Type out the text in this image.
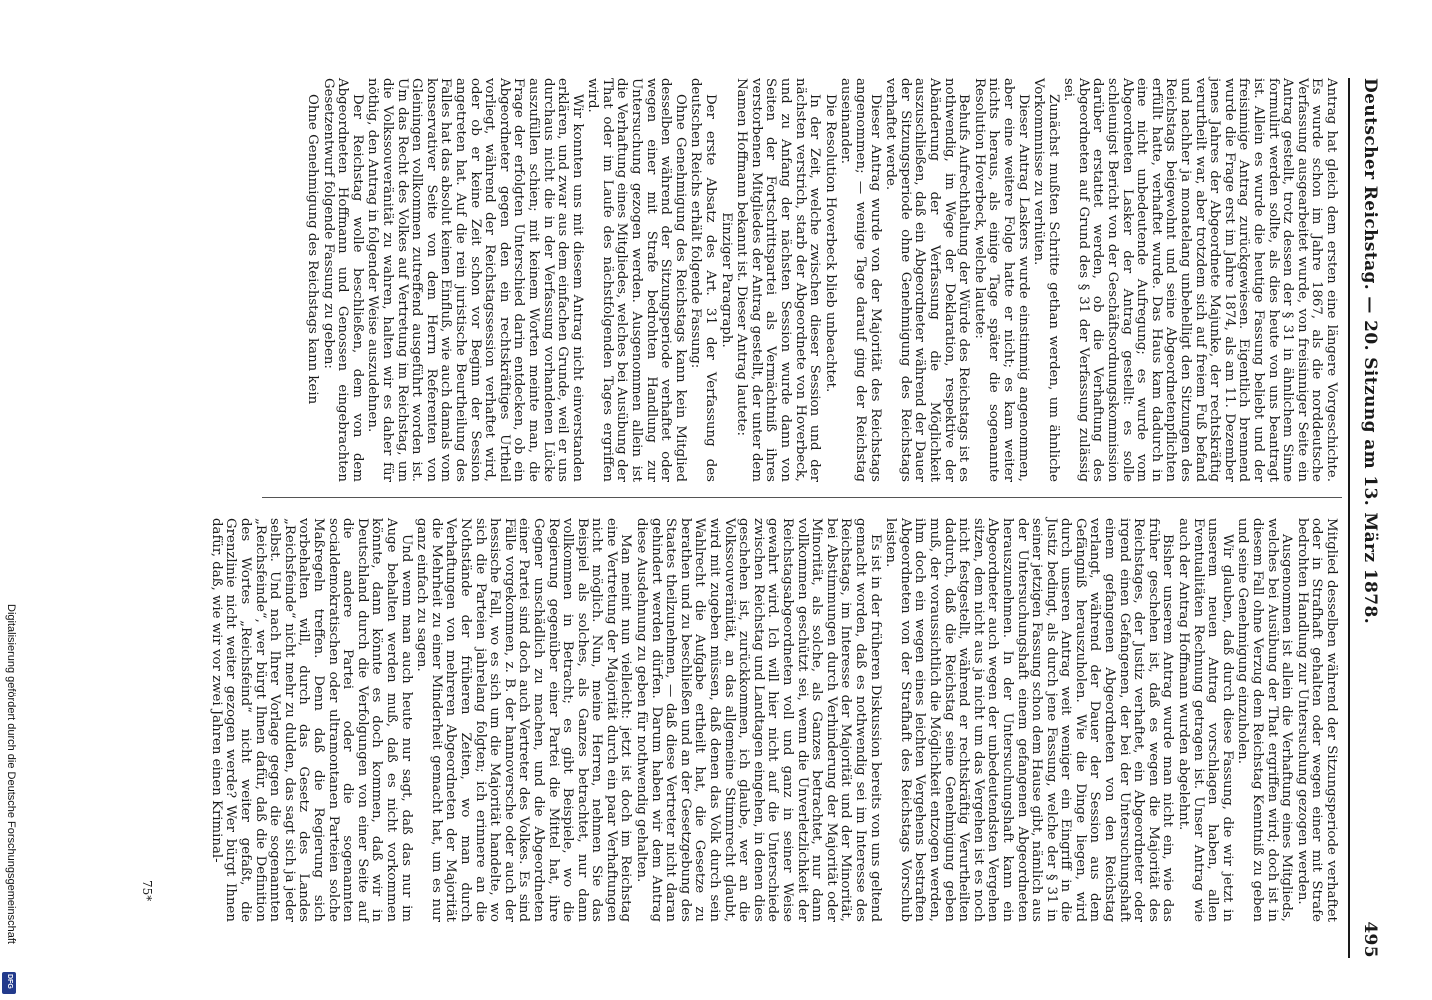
Deutscher Reichstag. — 20. Sitzung am 13. März 1878.
495

Antrag hat gleich dem ersten eine längere Vorgeschichte. Es wurde schon im Jahre 1867, als die norddeutsche Verfassung ausgearbeitet wurde, von freisinniger Seite ein Antrag gestellt, trotz dessen der § 31 in ähnlichem Sinne formulirt werden sollte, als dies heute von uns beantragt ist. Allein es wurde die heutige Fassung beliebt und der freisinnige Antrag zurückgewiesen. Eigentlich brennend wurde die Frage erst im Jahre 1874, als am 11. Dezember jenes Jahres der Abgeordnete Majunke, der rechtskräftig verurtheilt war, aber trotzdem sich auf freiem Fuß befand und nachher ja monatelang unbehelligt den Sitzungen des Reichstags beigewohnt und seine Abgeordnetenpflichten erfüllt hatte, verhaftet wurde. Das Haus kam dadurch in eine nicht unbedeutende Aufregung; es wurde vom Abgeordneten Lasker der Antrag gestellt: es solle schleunigst Bericht von der Geschäftsordnungskommission darüber erstattet werden, ob die Verhaftung des Abgeordneten auf Grund des § 31 der Verfassung zulässig sei.

Zunächst mußten Schritte gethan werden, um ähnliche Vorkommnisse zu verhüten.

Dieser Antrag Laskers wurde einstimmig angenommen, aber eine weitere Folge hatte er nicht; es kam weiter nichts heraus, als einige Tage später die sogenannte Resolution Hoverbeck, welche lautete:

Behufs Aufrechthaltung der Würde des Reichstags ist es nothwendig, im Wege der Deklaration, respektive der Abänderung der Verfassung die Möglichkeit auszuschließen, daß ein Abgeordneter während der Dauer der Sitzungsperiode ohne Genehmigung des Reichstags verhaftet werde.

Dieser Antrag wurde von der Majorität des Reichstags angenommen; — wenige Tage darauf ging der Reichstag auseinander.

Die Resolution Hoverbeck blieb unbeachtet.

In der Zeit, welche zwischen dieser Session und der nächsten verstrich, starb der Abgeordnete von Hoverbeck, und zu Anfang der nächsten Session wurde dann von Seiten der Fortschrittspartei als Vermächtniß ihres verstorbenen Mitgliedes der Antrag gestellt, der unter dem Namen Hoffmann bekannt ist. Dieser Antrag lautete:

Einziger Paragraph.

Der erste Absatz des Art. 31 der Verfassung des deutschen Reichs erhält folgende Fassung:

Ohne Genehmigung des Reichstags kann kein Mitglied desselben während der Sitzungsperiode verhaftet oder wegen einer mit Strafe bedrohten Handlung zur Untersuchung gezogen werden. Ausgenommen allein ist die Verhaftung eines Mitgliedes, welches bei Ausübung der That oder im Laufe des nächstfolgenden Tages ergriffen wird.

Wir konnten uns mit diesem Antrag nicht einverstanden erklären, und zwar aus dem einfachen Grunde, weil er uns durchaus nicht die in der Verfassung vorhandenen Lücke auszufüllen schien; mit keinem Worten meinte man, die Frage der erfolgten Unterschied darin entdecken, ob ein Abgeordneter gegen den ein rechtskräftiges Urtheil vorliegt, während der Reichstagssession verhaftet wird, oder ob er keine Zeit schon vor Beginn der Session angetreten hat. Auf die rein juristische Beurtheilung des Falles hat das absolut keinen Einfluß, wie auch damals vom konservativer Seite von dem Herrn Referenten von Gleiningen vollkommen zutreffend ausgeführt worden ist. Um das Recht des Volkes auf Vertretung im Reichstag, um die Volkssouveränität zu wahren, halten wir es daher für nöthig, den Antrag in folgender Weise auszudehnen.

Der Reichstag wolle beschließen, dem von dem Abgeordneten Hoffmann und Genossen eingebrachten Gesetzentwurf folgende Fassung zu geben:

Ohne Genehmigung des Reichstags kann kein

Mitglied desselben während der Sitzungsperiode verhaftet oder in Strafhaft gehalten oder wegen einer mit Strafe bedrohten Handlung zur Untersuchung gezogen werden.

Ausgenommen ist allein die Verhaftung eines Mitglieds, welches bei Ausübung der That ergriffen wird; doch ist in diesem Fall ohne Verzug dem Reichstag Kenntniß zu geben und seine Genehmigung einzuholen.

Wir glauben, daß durch diese Fassung, die wir jetzt in unserem neuen Antrag vorschlagen haben, allen Eventualitäten Rechnung getragen ist. Unser Antrag wie auch der Antrag Hoffmann wurden abgelehnt.

Bisher unserem Antrag wurde man nicht ein, wie das früher geschehen ist, daß es wegen die Majorität des Reichstages, der Justiz verhaftet, ein Abgeordneter oder irgend einen Gefangenen, der bei der Untersuchungshaft einem gefangenen Abgeordneten von den Reichstag verlangt, während der Dauer der Session aus dem Gefängniß herauszuholen. Wie die Dinge liegen, wird durch unseren Antrag weit weniger ein Eingriff in die Justiz bedingt, als durch jene Fassung, welche der § 31 in seiner jetzigen Fassung schon dem Hause gibt, nämlich aus der Untersuchungshaft einem gefangenen Abgeordneten herauszunehmen. In der Untersuchungshaft kann ein Abgeordneter auch wegen der unbedeutendsten Vergehen sitzen, dem nicht aus ja nicht um das Vergehen ist es noch nicht festgestellt, während er rechtskräftig Verurtheilten dadurch, daß die Reichstag seine Genehmigung geben muß, der voraussichtlich die Möglichkeit entzogen werden, ihm doch ein wegen eines leichten Vergehens bestraften Abgeordneten von der Strafhaft des Reichstags Vorschub leisten.

Es ist in der früheren Diskussion bereits von uns geltend gemacht worden, daß es nothwendig sei im Interesse des Reichstags, im Interesse der Majorität und der Minorität, bei Abstimmungen durch Verhinderung der Majorität oder Minorität, als solche, als Ganzes betrachtet, nur dann vollkommen geschützt sei, wenn die Unverletzlichkeit der Reichstagsabgeordneten voll und ganz in seiner Weise gewahrt wird. Ich will hier nicht auf die Unterschiede zwischen Reichstag und Landtagen eingehen, in denen dies geschehen ist, zurückkommen, ich glaube, wer an die Volkssouveränität, an das allgemeine Stimmrecht glaubt, wird mit zugeben müssen, daß denen das Volk durch sein Wahlrecht die Aufgabe ertheilt hat, die Gesetze zu berathen und zu beschließen und an der Gesetzgebung des Staates theilzunehmen, — daß diese Vertreter nicht daran gehindert werden dürfen. Darum haben wir dem Antrag diese Ausdehnung zu geben für nothwendig gehalten.

Man meint nun vielleicht: jetzt ist doch im Reichstag eine Vertretung der Majorität durch ein paar Verhaftungen nicht möglich. Nun, meine Herren, nehmen Sie das Beispiel als solches, als Ganzes betrachtet, nur dann vollkommen in Betracht; es gibt Beispiele, wo die Regierung gegenüber einer Partei die Mittel hat, ihre Gegner unschädlich zu machen, und die Abgeordneten einer Partei sind doch auch Vertreter des Volkes. Es sind Fälle vorgekommen, z. B. der hannoversche oder auch der hessische Fall, wo es sich um die Majorität handelte, wo sich die Parteien jahrelang folgten; ich erinnere an die Nothstände der früheren Zeiten, wo man durch Verhaftungen von mehreren Abgeordneten der Majorität die Mehrheit zu einer Minderheit gemacht hat, um es nur ganz einfach zu sagen.

Und wenn man auch heute nur sagt, daß das nur im Auge behalten werden muß, daß es nicht vorkommen könnte, dann könnte es doch kommen, daß wir in Deutschland durch die Verfolgungen von einer Seite auf die andere Partei oder die sogenannten socialdemokratischen oder ultramontanen Parteien solche Maßregeln treffen. Denn daß die Regierung sich vorbehalten will, durch das Gesetz des Landes „Reichsfeinde“ nicht mehr zu dulden, das sagt sich ja jeder selbst. Und nach Ihrer Vorlage gegen die sogenannten „Reichsfeinde“, wer bürgt Ihnen dafür, daß die Definition des Wortes „Reichsfeind“ nicht weiter gefaßt, die Grenzlinie nicht weiter gezogen werde? Wer bürgt Ihnen dafür, daß, wie wir vor zwei Jahren einen Kriminal-

75*
Digitalisierung gefördert durch die Deutsche Forschungsgemeinschaft
DFG
